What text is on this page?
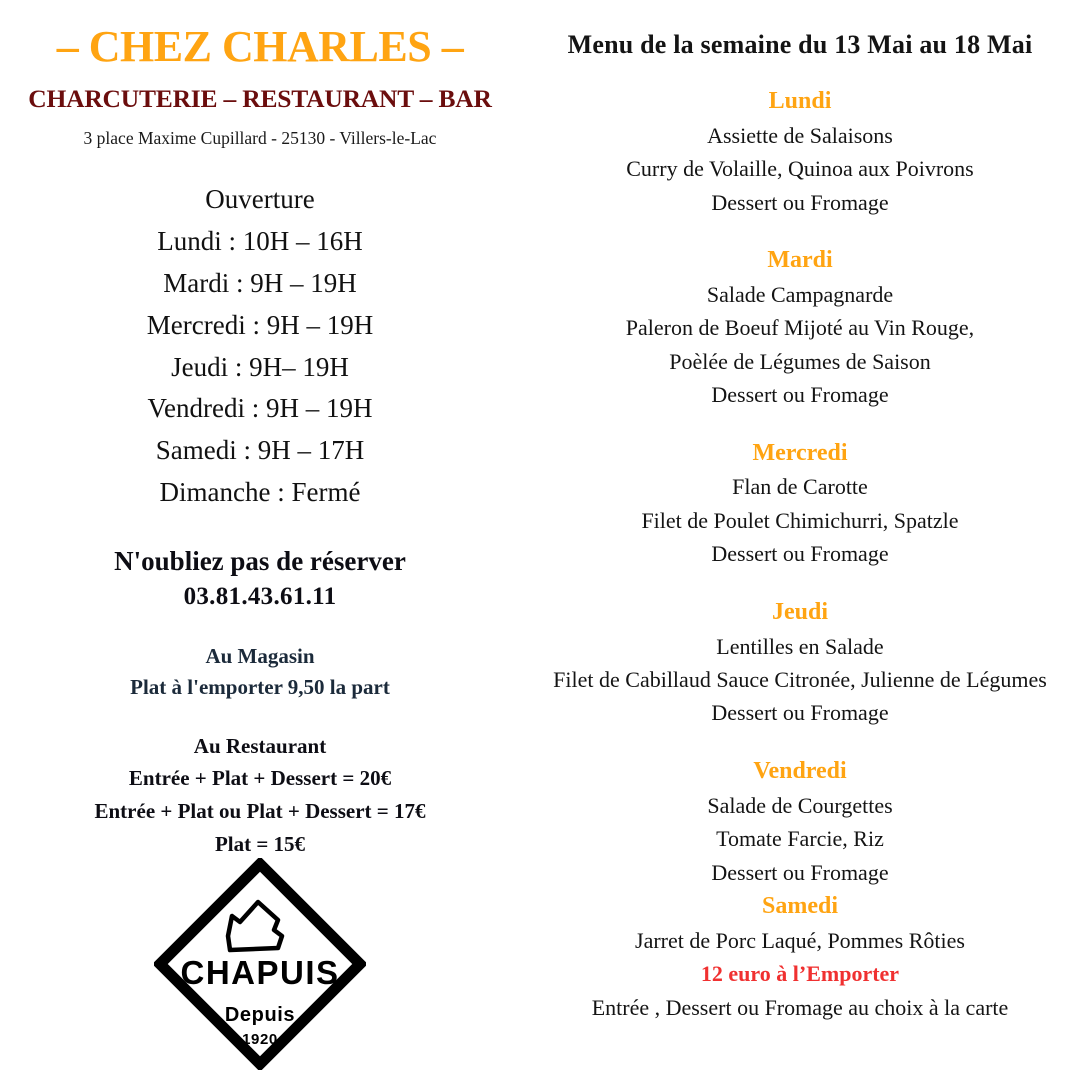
– CHEZ CHARLES –
CHARCUTERIE – RESTAURANT – BAR

3 place Maxime Cupillard - 25130 - Villers-le-Lac

Ouverture
Lundi : 10H – 16H
Mardi : 9H – 19H
Mercredi : 9H – 19H
Jeudi : 9H– 19H
Vendredi : 9H – 19H
Samedi : 9H – 17H
Dimanche : Fermé
N'oubliez pas de réserver
03.81.43.61.11
Au Magasin
Plat à l'emporter 9,50 la part
Au Restaurant
Entrée + Plat + Dessert = 20€
Entrée + Plat ou Plat + Dessert = 17€
Plat = 15€
CHAPUIS
Depuis
1920
Menu de la semaine du 13 Mai au 18 Mai
Lundi
Assiette de Salaisons
Curry de Volaille, Quinoa aux Poivrons
Dessert ou Fromage
Mardi
Salade Campagnarde
Paleron de Boeuf Mijoté au Vin Rouge,
Poèlée de Légumes de Saison
Dessert ou Fromage
Mercredi
Flan de Carotte
Filet de Poulet Chimichurri, Spatzle
Dessert ou Fromage
Jeudi
Lentilles en Salade
Filet de Cabillaud Sauce Citronée, Julienne de Légumes
Dessert ou Fromage
Vendredi
Salade de Courgettes
Tomate Farcie, Riz
Dessert ou Fromage
Samedi
Jarret de Porc Laqué, Pommes Rôties
12 euro à l’Emporter
Entrée , Dessert ou Fromage au choix à la carte
